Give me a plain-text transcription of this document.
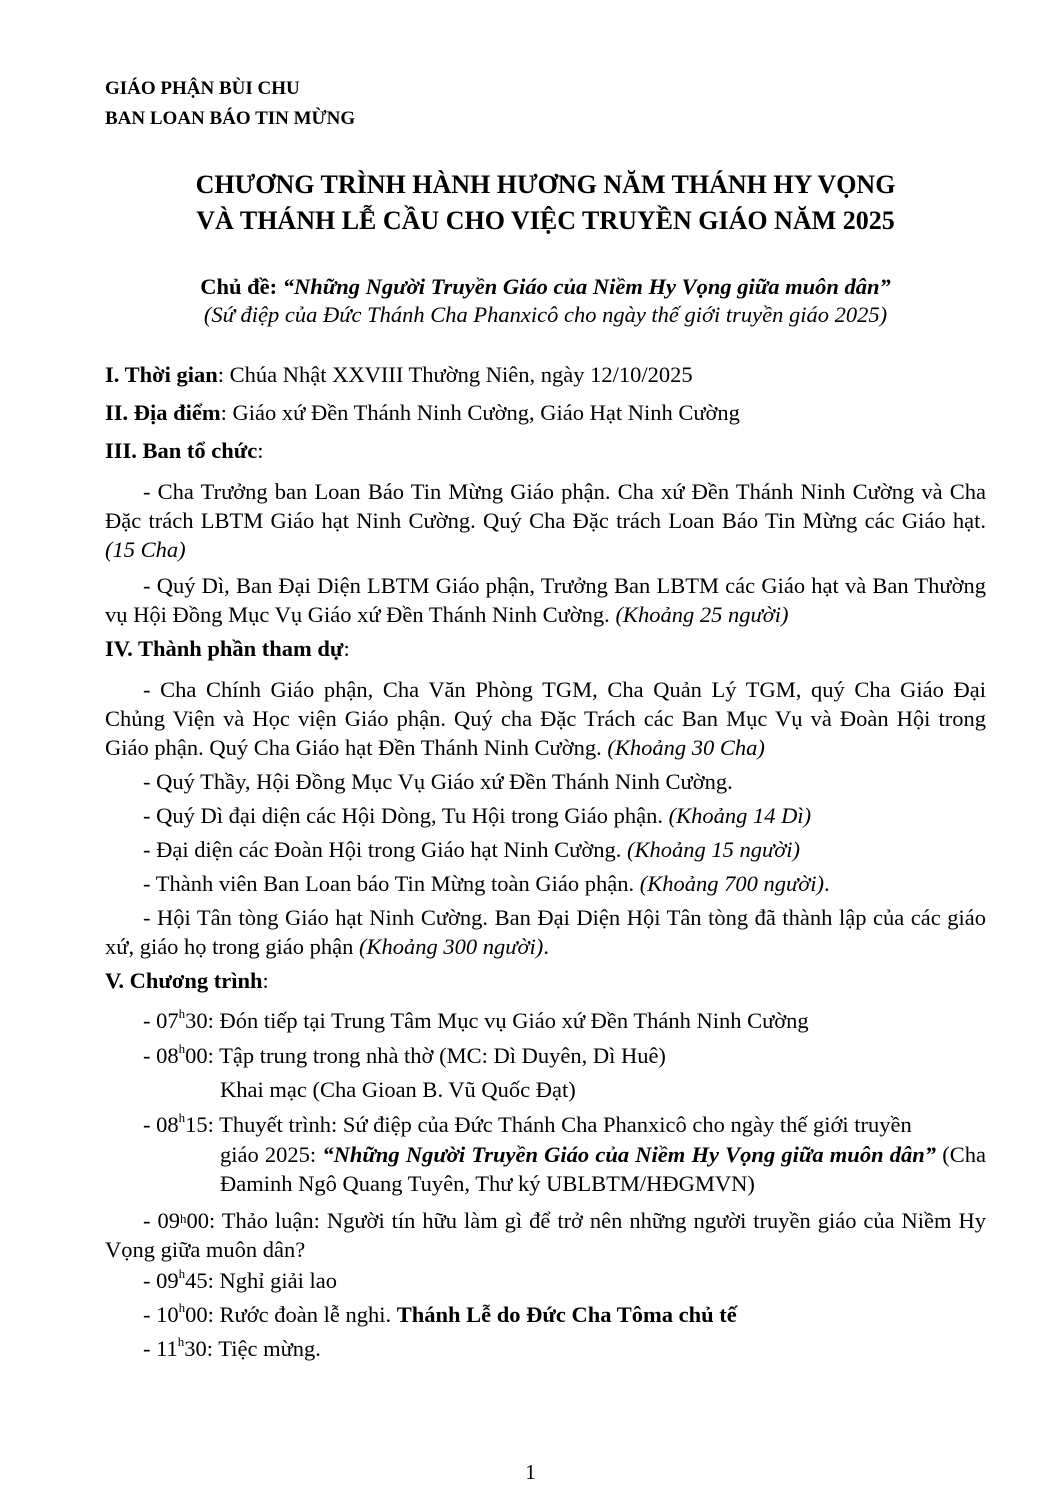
GIÁO PHẬN BÙI CHU
BAN LOAN BÁO TIN MỪNG
CHƯƠNG TRÌNH HÀNH HƯƠNG NĂM THÁNH HY VỌNG
VÀ THÁNH LỄ CẦU CHO VIỆC TRUYỀN GIÁO NĂM 2025
Chủ đề: “Những Người Truyền Giáo của Niềm Hy Vọng giữa muôn dân”
(Sứ điệp của Đức Thánh Cha Phanxicô cho ngày thế giới truyền giáo 2025)
I. Thời gian: Chúa Nhật XXVIII Thường Niên, ngày 12/10/2025
II. Địa điểm: Giáo xứ Đền Thánh Ninh Cường, Giáo Hạt Ninh Cường
III. Ban tổ chức:
- Cha Trưởng ban Loan Báo Tin Mừng Giáo phận. Cha xứ Đền Thánh Ninh Cường và Cha Đặc trách LBTM Giáo hạt Ninh Cường. Quý Cha Đặc trách Loan Báo Tin Mừng các Giáo hạt. (15 Cha)
- Quý Dì, Ban Đại Diện LBTM Giáo phận, Trưởng Ban LBTM các Giáo hạt và Ban Thường vụ Hội Đồng Mục Vụ Giáo xứ Đền Thánh Ninh Cường. (Khoảng 25 người)
IV. Thành phần tham dự:
- Cha Chính Giáo phận, Cha Văn Phòng TGM, Cha Quản Lý TGM, quý Cha Giáo Đại Chủng Viện và Học viện Giáo phận. Quý cha Đặc Trách các Ban Mục Vụ và Đoàn Hội trong Giáo phận. Quý Cha Giáo hạt Đền Thánh Ninh Cường. (Khoảng 30 Cha)
- Quý Thầy, Hội Đồng Mục Vụ Giáo xứ Đền Thánh Ninh Cường.
- Quý Dì đại diện các Hội Dòng, Tu Hội trong Giáo phận. (Khoảng 14 Dì)
- Đại diện các Đoàn Hội trong Giáo hạt Ninh Cường. (Khoảng 15 người)
- Thành viên Ban Loan báo Tin Mừng toàn Giáo phận. (Khoảng 700 người).
- Hội Tân tòng Giáo hạt Ninh Cường. Ban Đại Diện Hội Tân tòng đã thành lập của các giáo xứ, giáo họ trong giáo phận (Khoảng 300 người).
V. Chương trình:
- 07$^h$30: Đón tiếp tại Trung Tâm Mục vụ Giáo xứ Đền Thánh Ninh Cường
- 08$^h$00: Tập trung trong nhà thờ (MC: Dì Duyên, Dì Huê)
Khai mạc (Cha Gioan B. Vũ Quốc Đạt)
- 08$^h$15: Thuyết trình: Sứ điệp của Đức Thánh Cha Phanxicô cho ngày thế giới truyền
giáo 2025: “Những Người Truyền Giáo của Niềm Hy Vọng giữa muôn dân” (Cha Đaminh Ngô Quang Tuyên, Thư ký UBLBTM/HĐGMVN)
- 09$^h$00: Thảo luận: Người tín hữu làm gì để trở nên những người truyền giáo của Niềm Hy Vọng giữa muôn dân?
- 09$^h$45: Nghỉ giải lao
- 10$^h$00: Rước đoàn lễ nghi. Thánh Lễ do Đức Cha Tôma chủ tế
- 11$^h$30: Tiệc mừng.
1
